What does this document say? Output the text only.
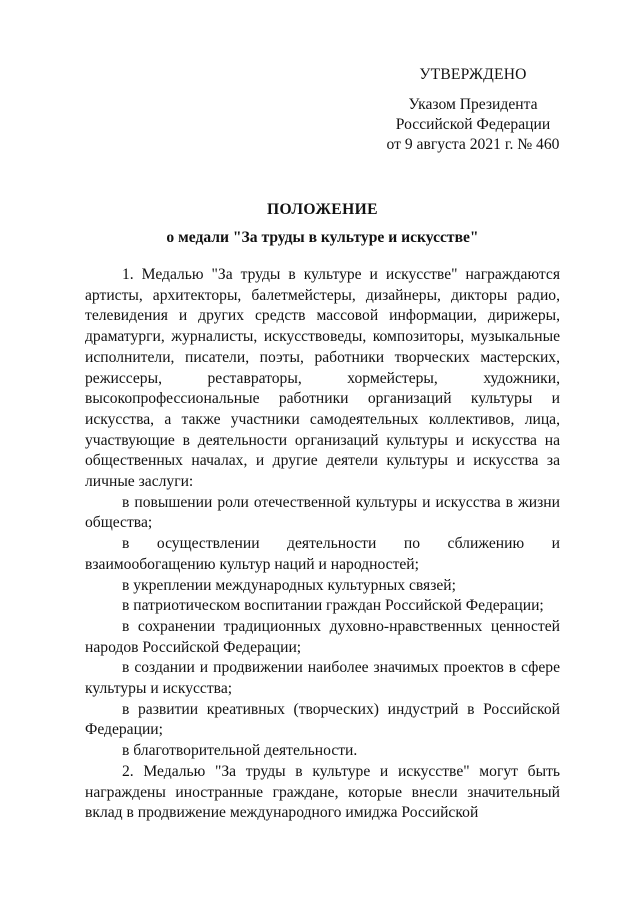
УТВЕРЖДЕНО
Указом Президента
Российской Федерации
от 9 августа 2021 г. № 460
ПОЛОЖЕНИЕ
о медали "За труды в культуре и искусстве"

1. Медалью "За труды в культуре и искусстве" награждаются артисты, архитекторы, балетмейстеры, дизайнеры, дикторы радио, телевидения и других средств массовой информации, дирижеры, драматурги, журналисты, искусствоведы, композиторы, музыкальные исполнители, писатели, поэты, работники творческих мастерских, режиссеры, реставраторы, хормейстеры, художники, высокопрофессиональные работники организаций культуры и искусства, а также участники самодеятельных коллективов, лица, участвующие в деятельности организаций культуры и искусства на общественных началах, и другие деятели культуры и искусства за личные заслуги:

в повышении роли отечественной культуры и искусства в жизни общества;

в осуществлении деятельности по сближению и взаимообогащению культур наций и народностей;

в укреплении международных культурных связей;

в патриотическом воспитании граждан Российской Федерации;

в сохранении традиционных духовно-нравственных ценностей народов Российской Федерации;

в создании и продвижении наиболее значимых проектов в сфере культуры и искусства;

в развитии креативных (творческих) индустрий в Российской Федерации;

в благотворительной деятельности.

2. Медалью "За труды в культуре и искусстве" могут быть награждены иностранные граждане, которые внесли значительный вклад в продвижение международного имиджа Российской
